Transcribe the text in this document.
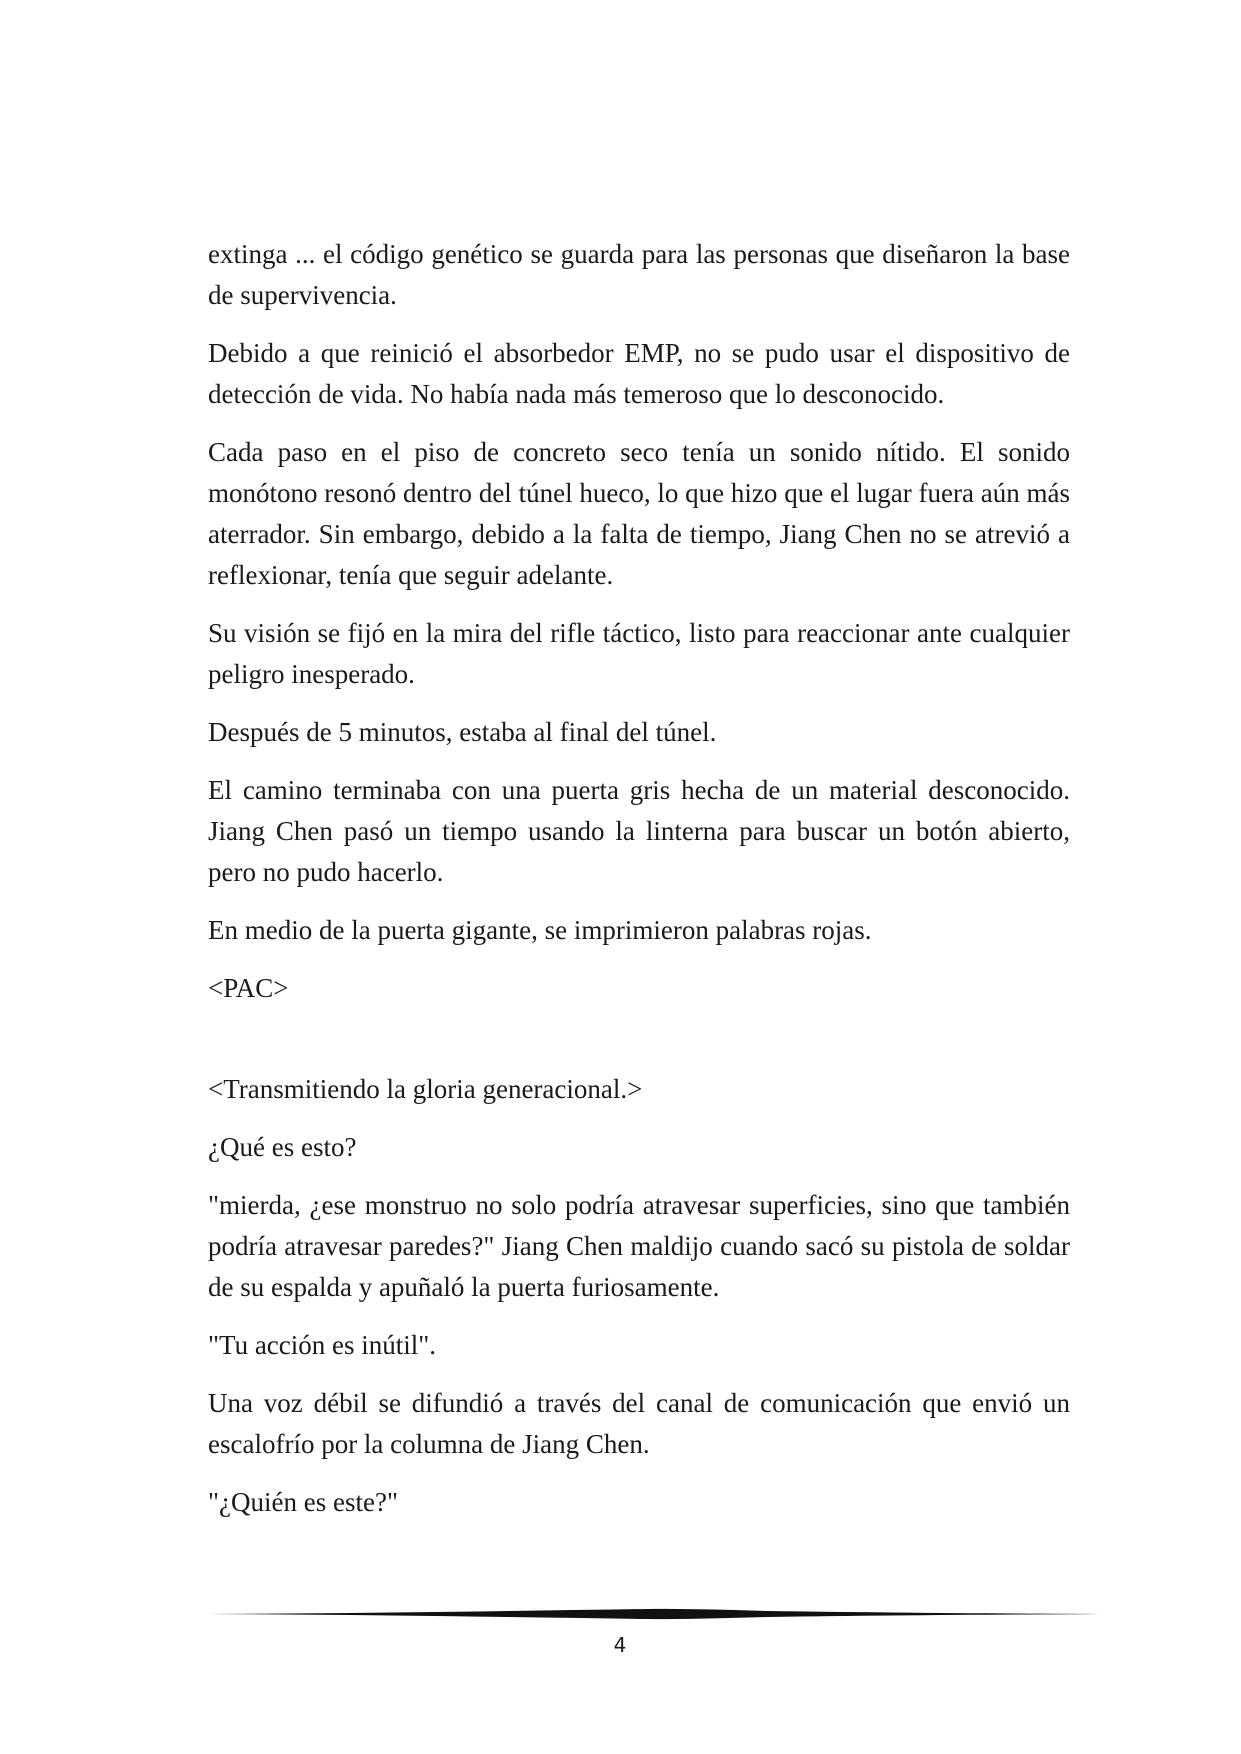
extinga ... el código genético se guarda para las personas que diseñaron la base de supervivencia.

Debido a que reinició el absorbedor EMP, no se pudo usar el dispositivo de detección de vida. No había nada más temeroso que lo desconocido.

Cada paso en el piso de concreto seco tenía un sonido nítido. El sonido monótono resonó dentro del túnel hueco, lo que hizo que el lugar fuera aún más aterrador. Sin embargo, debido a la falta de tiempo, Jiang Chen no se atrevió a reflexionar, tenía que seguir adelante.

Su visión se fijó en la mira del rifle táctico, listo para reaccionar ante cualquier peligro inesperado.

Después de 5 minutos, estaba al final del túnel.

El camino terminaba con una puerta gris hecha de un material desconocido. Jiang Chen pasó un tiempo usando la linterna para buscar un botón abierto, pero no pudo hacerlo.

En medio de la puerta gigante, se imprimieron palabras rojas.

<PAC>

<Transmitiendo la gloria generacional.>

¿Qué es esto?

"mierda, ¿ese monstruo no solo podría atravesar superficies, sino que también podría atravesar paredes?" Jiang Chen maldijo cuando sacó su pistola de soldar de su espalda y apuñaló la puerta furiosamente.

"Tu acción es inútil".

Una voz débil se difundió a través del canal de comunicación que envió un escalofrío por la columna de Jiang Chen.

"¿Quién es este?"

4
